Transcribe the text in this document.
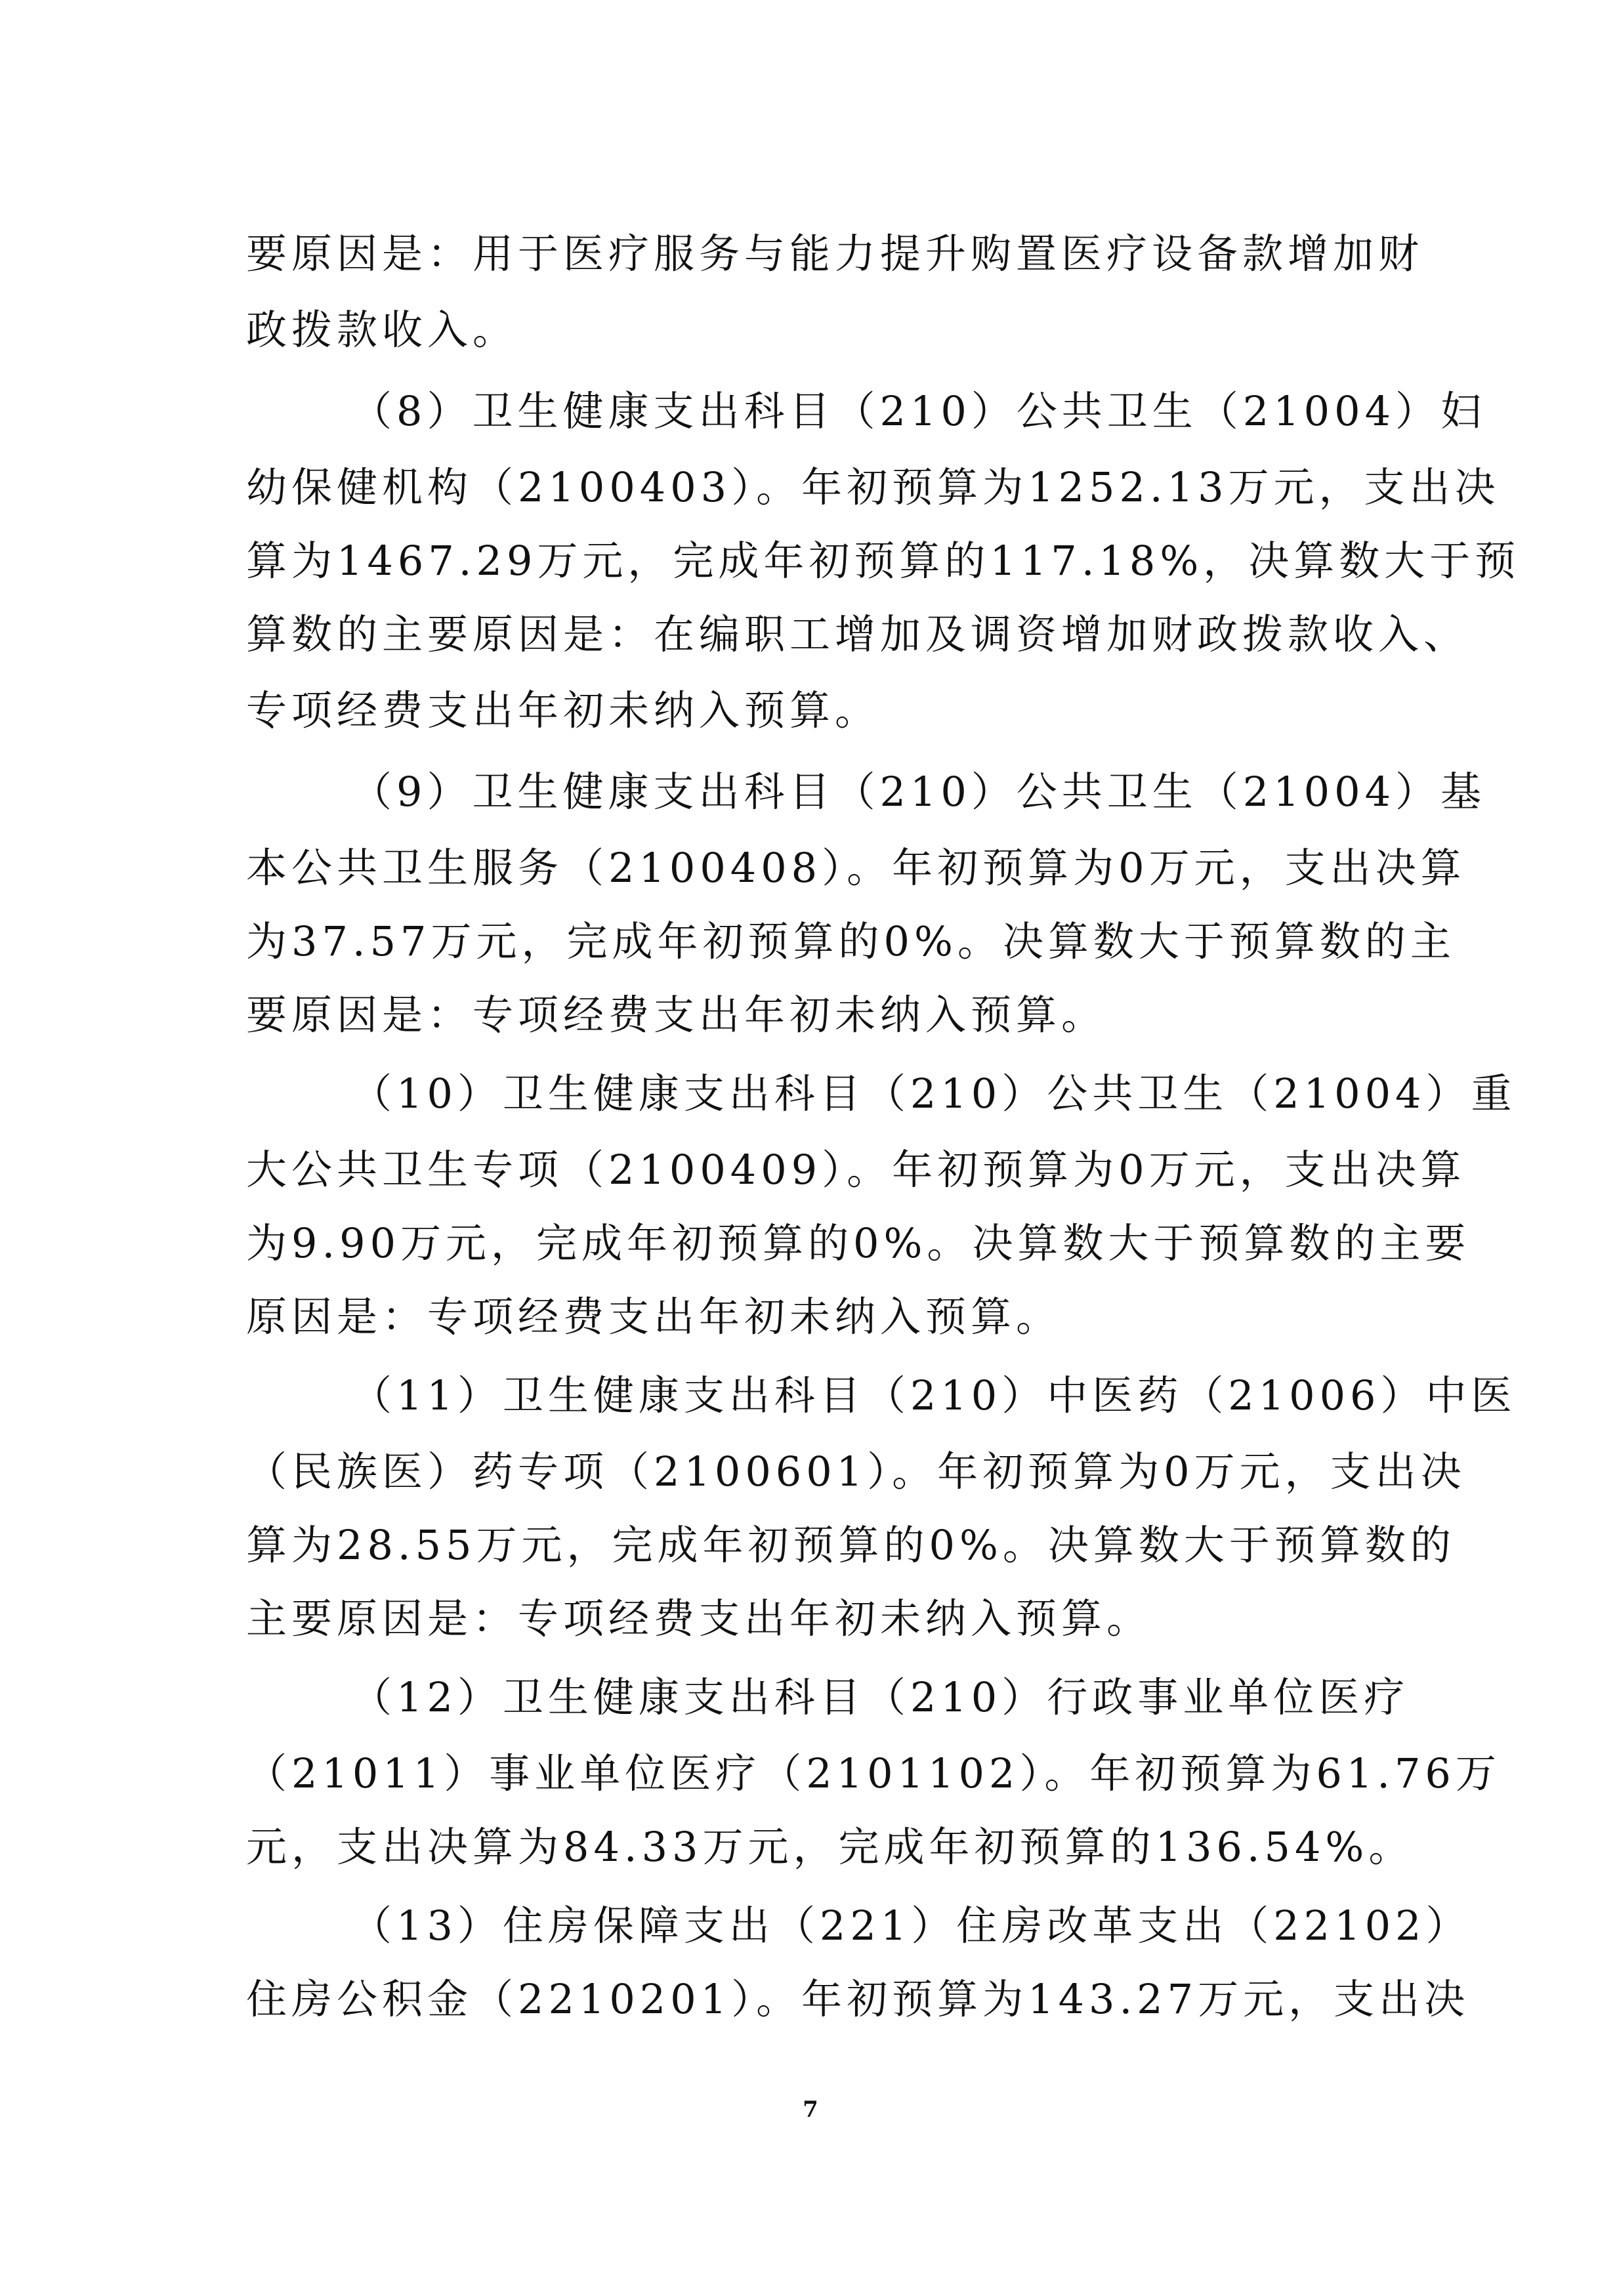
要原因是：用于医疗服务与能力提升购置医疗设备款增加财
政拨款收入。
（8）卫生健康支出科目（210）公共卫生（21004）妇
幼保健机构（2100403）。年初预算为1252.13万元，支出决
算为1467.29万元，完成年初预算的117.18%，决算数大于预
算数的主要原因是：在编职工增加及调资增加财政拨款收入、
专项经费支出年初未纳入预算。
（9）卫生健康支出科目（210）公共卫生（21004）基
本公共卫生服务（2100408）。年初预算为0万元，支出决算
为37.57万元，完成年初预算的0%。决算数大于预算数的主
要原因是：专项经费支出年初未纳入预算。
（10）卫生健康支出科目（210）公共卫生（21004）重
大公共卫生专项（2100409）。年初预算为0万元，支出决算
为9.90万元，完成年初预算的0%。决算数大于预算数的主要
原因是：专项经费支出年初未纳入预算。
（11）卫生健康支出科目（210）中医药（21006）中医
（民族医）药专项（2100601）。年初预算为0万元，支出决
算为28.55万元，完成年初预算的0%。决算数大于预算数的
主要原因是：专项经费支出年初未纳入预算。
（12）卫生健康支出科目（210）行政事业单位医疗
（21011）事业单位医疗（2101102）。年初预算为61.76万
元，支出决算为84.33万元，完成年初预算的136.54%。
（13）住房保障支出（221）住房改革支出（22102）
住房公积金（2210201）。年初预算为143.27万元，支出决
7
